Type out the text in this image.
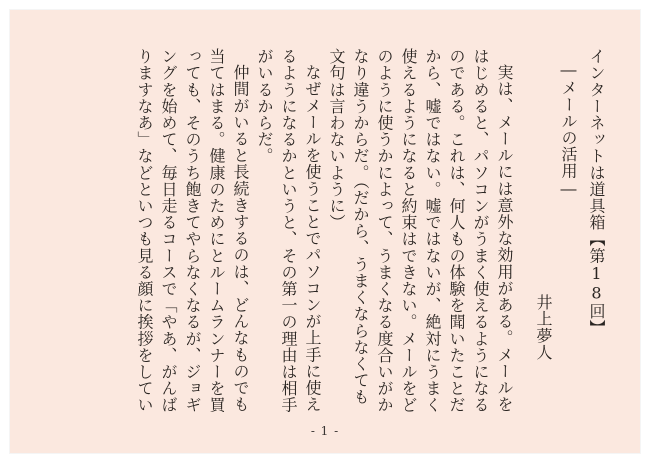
インターネットは道具箱【第18回】
―メールの活用―
井上夢人
実は、メールには意外な効用がある。メールを
はじめると、パソコンがうまく使えるようになる
のである。これは、何人もの体験を聞いたことだ
から、嘘ではない。嘘ではないが、絶対にうまく
使えるようになると約束はできない。メールをど
のように使うかによって、うまくなる度合いがか
なり違うからだ。（だから、うまくならなくても
文句は言わないように）
なぜメールを使うことでパソコンが上手に使え
るようになるかというと、その第一の理由は相手
がいるからだ。
仲間がいると長続きするのは、どんなものでも
当てはまる。健康のためにとルームランナーを買
っても、そのうち飽きてやらなくなるが、ジョギ
ングを始めて、毎日走るコースで「やあ、がんば
りますなあ」などといつも見る顔に挨拶をしてい
- 1 -
